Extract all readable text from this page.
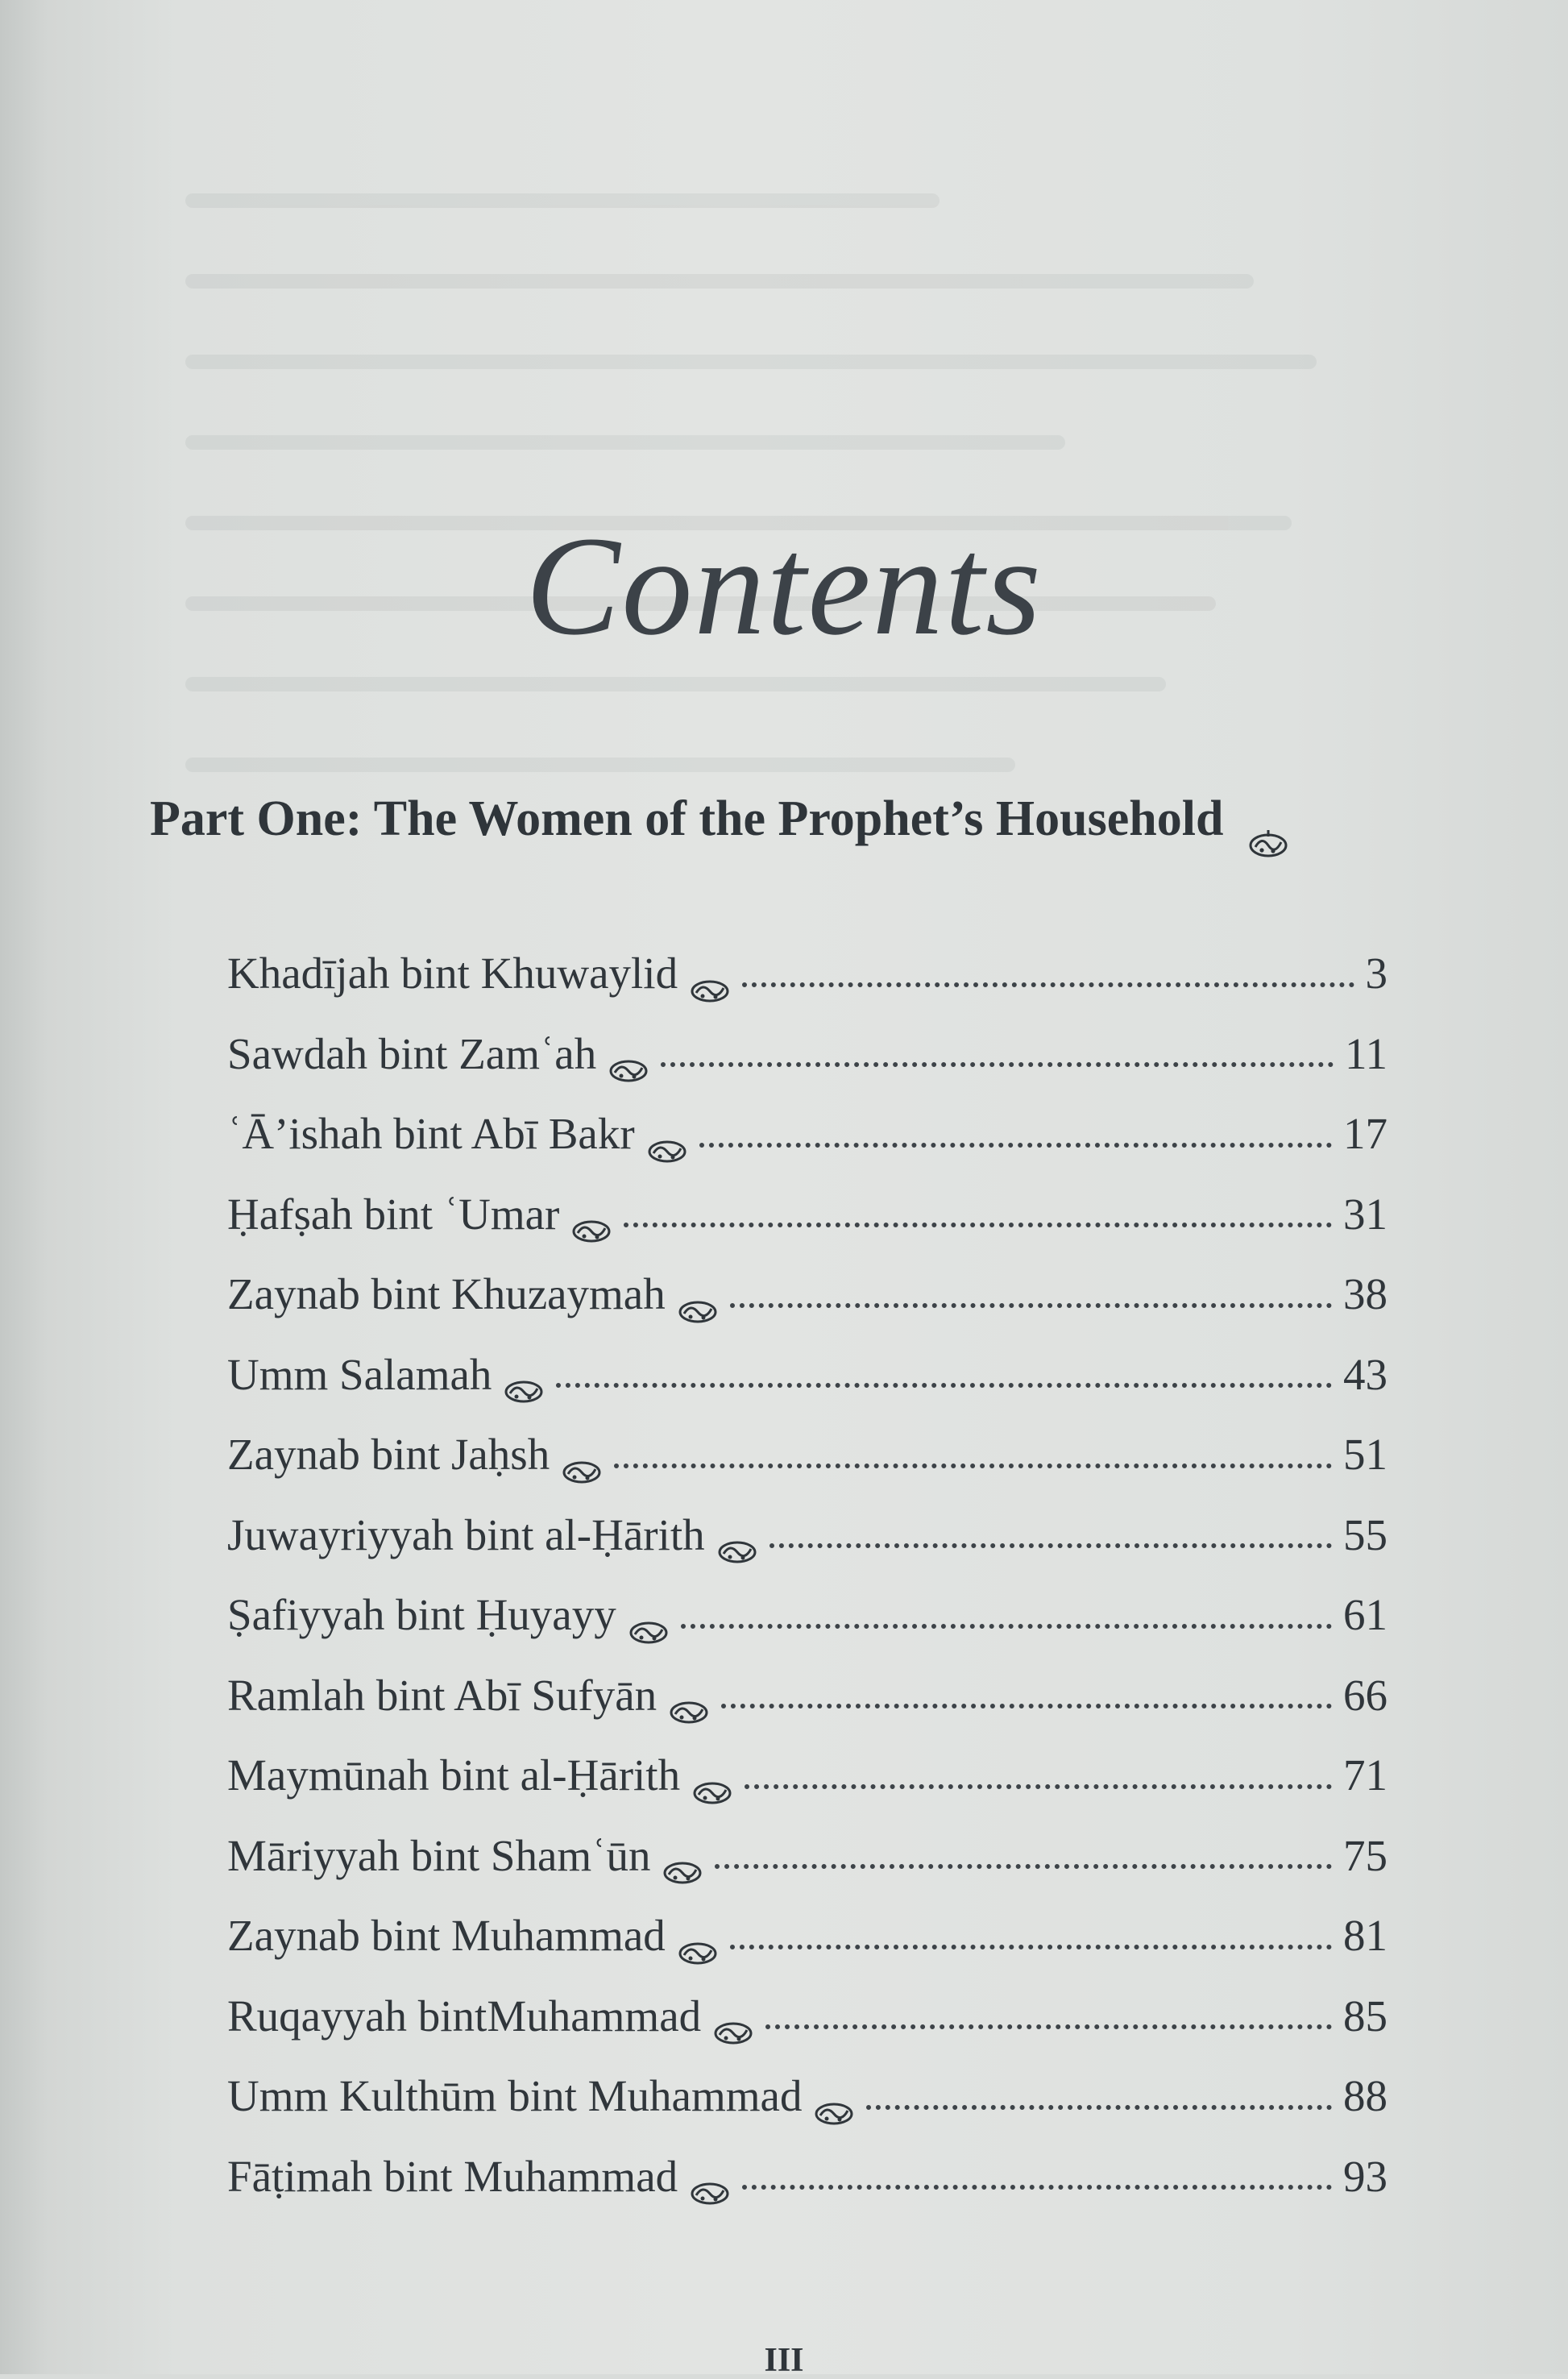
Contents
Part One: The Women of the Prophet’s Household
Khadījah bint Khuwaylid	3
Sawdah bint Zamʿah	11
ʿĀ’ishah bint Abī Bakr	17
Ḥafṣah bint ʿUmar	31
Zaynab bint Khuzaymah	38
Umm Salamah	43
Zaynab bint Jaḥsh	51
Juwayriyyah bint al-Ḥārith	55
Ṣafiyyah bint Ḥuyayy	61
Ramlah bint Abī Sufyān	66
Maymūnah bint al-Ḥārith	71
Māriyyah bint Shamʿūn	75
Zaynab bint Muhammad	81
Ruqayyah bintMuhammad	85
Umm Kulthūm bint Muhammad	88
Fāṭimah bint Muhammad	93
III
